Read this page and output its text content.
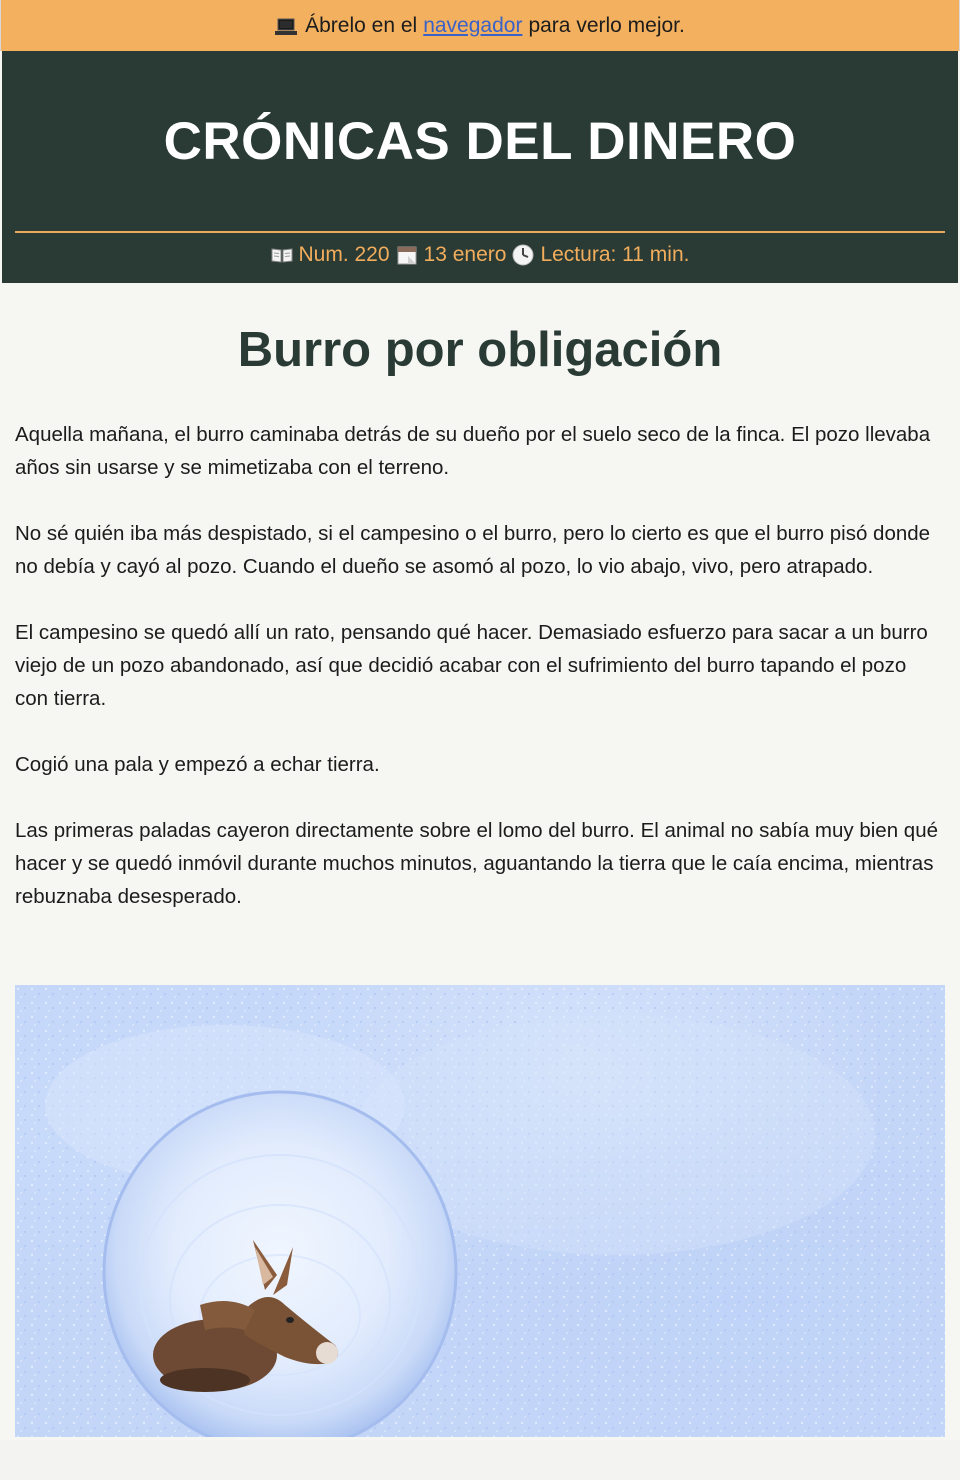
Ábrelo en el navegador para verlo mejor.
CRÓNICAS DEL DINERO
Num. 220 13 enero Lectura: 11 min.
Burro por obligación

Aquella mañana, el burro caminaba detrás de su dueño por el suelo seco de la finca. El pozo llevaba años sin usarse y se mimetizaba con el terreno.

No sé quién iba más despistado, si el campesino o el burro, pero lo cierto es que el burro pisó donde no debía y cayó al pozo. Cuando el dueño se asomó al pozo, lo vio abajo, vivo, pero atrapado.

El campesino se quedó allí un rato, pensando qué hacer. Demasiado esfuerzo para sacar a un burro viejo de un pozo abandonado, así que decidió acabar con el sufrimiento del burro tapando el pozo con tierra.

Cogió una pala y empezó a echar tierra.

Las primeras paladas cayeron directamente sobre el lomo del burro. El animal no sabía muy bien qué hacer y se quedó inmóvil durante muchos minutos, aguantando la tierra que le caía encima, mientras rebuznaba desesperado.
